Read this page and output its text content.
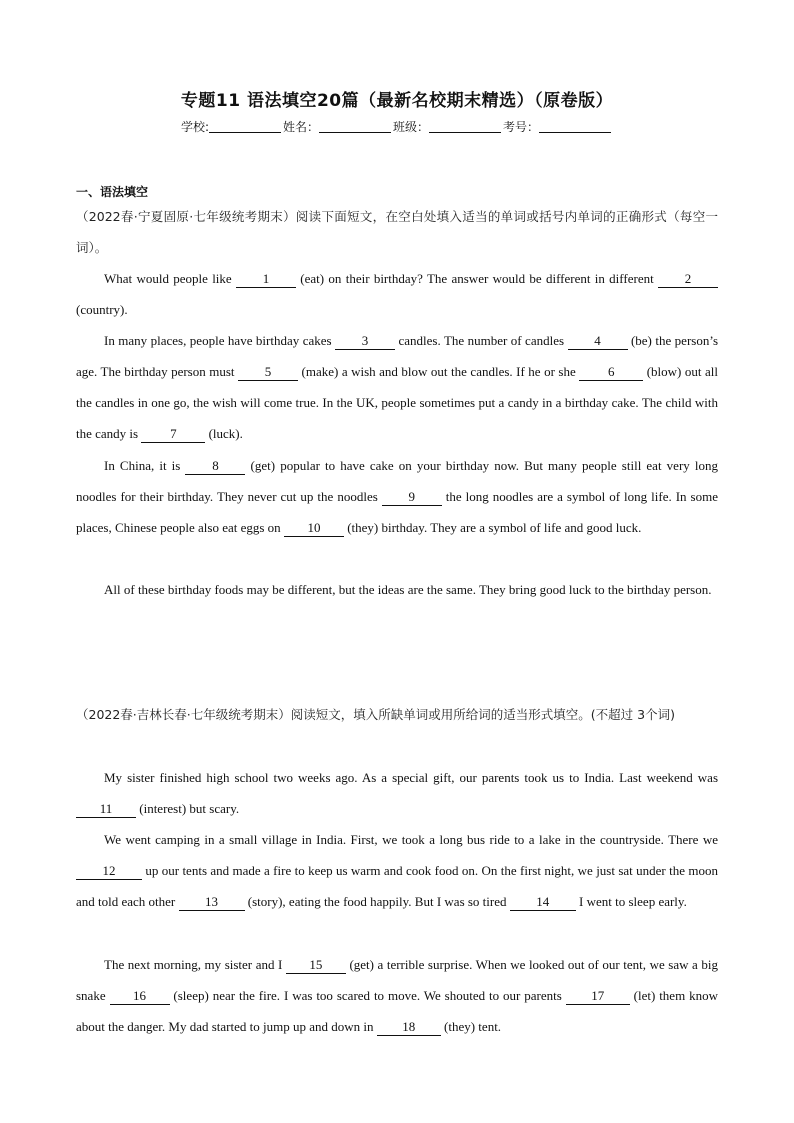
专题11 语法填空20篇（最新名校期末精选）（原卷版）
学校:	姓名：	班级：	考号：
一、语法填空
（2022春·宁夏固原·七年级统考期末）阅读下面短文，在空白处填入适当的单词或括号内单词的正确形式（每空一词）。
What would people like 1 (eat) on their birthday? The answer would be different in different 2 (country).
In many places, people have birthday cakes 3 candles. The number of candles 4 (be) the person’s age. The birthday person must 5 (make) a wish and blow out the candles. If he or she 6 (blow) out all the candles in one go, the wish will come true. In the UK, people sometimes put a candy in a birthday cake. The child with the candy is 7 (luck).
In China, it is 8 (get) popular to have cake on your birthday now. But many people still eat very long noodles for their birthday. They never cut up the noodles 9 the long noodles are a symbol of long life. In some places, Chinese people also eat eggs on 10 (they) birthday. They are a symbol of life and good luck.
All of these birthday foods may be different, but the ideas are the same. They bring good luck to the birthday person.
（2022春·吉林长春·七年级统考期末）阅读短文，填入所缺单词或用所给词的适当形式填空。(不超过 3个词)
My sister finished high school two weeks ago. As a special gift, our parents took us to India. Last weekend was 11 (interest) but scary.
We went camping in a small village in India. First, we took a long bus ride to a lake in the countryside. There we 12 up our tents and made a fire to keep us warm and cook food on. On the first night, we just sat under the moon and told each other 13 (story), eating the food happily. But I was so tired 14 I went to sleep early.
The next morning, my sister and I 15 (get) a terrible surprise. When we looked out of our tent, we saw a big snake 16 (sleep) near the fire. I was too scared to move. We shouted to our parents 17 (let) them know about the danger. My dad started to jump up and down in 18 (they) tent.
